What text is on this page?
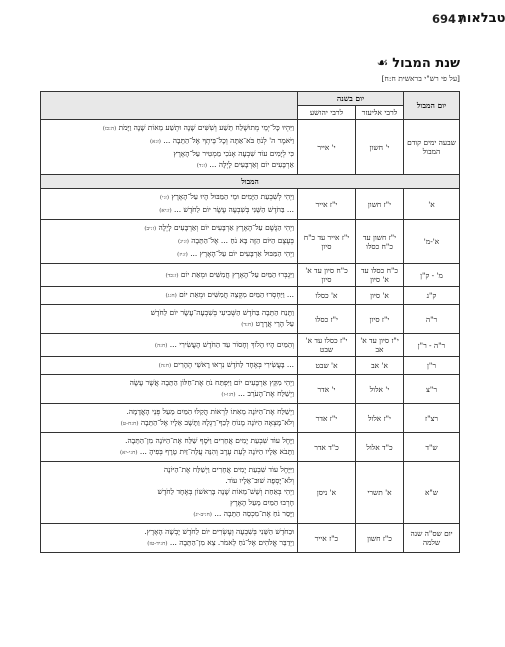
694 /
טבלאות
שנת המבול
☙
[על פי רש"י בראשית ח:ח]
יום המבול	יום בשנה		
	לרבי אליעזר	לרבי יהושע	
שבעה ימים קודם המבול	י' חשון	י' אייר	וַיִּהְיוּ כָּל־יְמֵי מְתוּשֶׁלַח תֵּשַׁע וְשִׁשִּׁים שָׁנָה וּתְשַׁע מֵאוֹת שָׁנָה וַיָּמֹת (ה:כז)
וַיֹּאמֶר ה' לְנֹחַ בֹּא־אַתָּה וְכָל־בֵּיתְךָ אֶל־הַתֵּבָה ... (ז:א)
כִּי לְיָמִים עוֹד שִׁבְעָה אָנֹכִי מַמְטִיר עַל־הָאָרֶץ
אַרְבָּעִים יוֹם וְאַרְבָּעִים לָיְלָה ... (ז:ד)

המבול			
א'	י"ז חשון	י"ז אייר	וַיְהִי לְשִׁבְעַת הַיָּמִים וּמֵי הַמַּבּוּל הָיוּ עַל־הָאָרֶץ (ז:י)
... בַּחֹדֶשׁ הַשֵּׁנִי בְּשִׁבְעָה עָשָׂר יוֹם לַחֹדֶשׁ ... (ז:יא)

א'-מ'	י"ז חשון עד כ"ח כסלו	י"ז אייר עד כ"ח סיון	וַיְהִי הַגֶּשֶׁם עַל־הָאָרֶץ אַרְבָּעִים יוֹם וְאַרְבָּעִים לָיְלָה (ז:יב)
בְּעֶצֶם הַיּוֹם הַזֶּה בָּא נֹחַ ... אֶל־הַתֵּבָה (ז:יג)
וַיְהִי הַמַּבּוּל אַרְבָּעִים יוֹם עַל־הָאָרֶץ ... (ז:יז)

מ' - ק"ן	כ"ח כסלו עד א' סיון	כ"ח סיון עד א' סיון	וַיִּגְבְּרוּ הַמַּיִם עַל־הָאָרֶץ חֲמִשִּׁים וּמְאַת יוֹם (ז:כד)

ק"נ	א' סיון	א' כסלו	... וַיַּחְסְרוּ הַמַּיִם מִקְצֵה חֲמִשִּׁים וּמְאַת יוֹם (ח:ג)

ר"ה	י"ז סיון	י"ז כסלו	וַתָּנַח הַתֵּבָה בַּחֹדֶשׁ הַשְּׁבִיעִי בְּשִׁבְעָה־עָשָׂר יוֹם לַחֹדֶשׁ
עַל הָרֵי אֲרָרָט (ח:ד)

ר"ה - ר"ן	י"ז סיון עד א' אב	י"ז כסלו עד א' שבט	וְהַמַּיִם הָיוּ הָלוֹךְ וְחָסוֹר עַד הַחֹדֶשׁ הָעֲשִׂירִי ... (ח:ה)

ר"ן	א' אב	א' שבט	... בָּעֲשִׂירִי בְּאֶחָד לַחֹדֶשׁ נִרְאוּ רָאשֵׁי הֶהָרִים (ח:ה)

ר"צ	י' אלול	י' אדר	וַיְהִי מִקֵּץ אַרְבָּעִים יוֹם וַיִּפְתַּח נֹחַ אֶת־חַלּוֹן הַתֵּבָה אֲשֶׁר עָשָׂה
וַיְשַׁלַּח אֶת־הָעֹרֵב ... (ח:ו-ז)

רצ"ז	י"ז אלול	י"ז אדר	וַיְשַׁלַּח אֶת־הַיּוֹנָה מֵאִתּוֹ לִרְאוֹת הֲקַלּוּ הַמַּיִם מֵעַל פְּנֵי הָאֲדָמָה.
וְלֹא־מָצְאָה הַיּוֹנָה מָנוֹחַ לְכַף־רַגְלָהּ וַתָּשָׁב אֵלָיו אֶל־הַתֵּבָה (ח:ח-ט)

ש"ד	כ"ד אלול	כ"ד אדר	וַיָּחֶל עוֹד שִׁבְעַת יָמִים אֲחֵרִים וַיֹּסֶף שַׁלַּח אֶת־הַיּוֹנָה מִן־הַתֵּבָה.
וַתָּבֹא אֵלָיו הַיּוֹנָה לְעֵת עֶרֶב וְהִנֵּה עֲלֵה־זַיִת טָרָף בְּפִיהָ ... (ח:י-יא)

ש"א	א' תשרי	א' ניסן	וַיִּיָּחֶל עוֹד שִׁבְעַת יָמִים אֲחֵרִים וַיְשַׁלַּח אֶת־הַיּוֹנָה
וְלֹא־יָסְפָה שׁוּב־אֵלָיו עוֹד.
וַיְהִי בְּאַחַת וְשֵׁשׁ־מֵאוֹת שָׁנָה בָּרִאשׁוֹן בְּאֶחָד לַחֹדֶשׁ
חָרְבוּ הַמַּיִם מֵעַל הָאָרֶץ
וַיָּסַר נֹחַ אֶת־מִכְסֵה הַתֵּבָה ... (ח:יב-יג)

יום שס"ה שנה שלמה	כ"ז חשון	כ"ז אייר	וּבַחֹדֶשׁ הַשֵּׁנִי בְּשִׁבְעָה וְעֶשְׂרִים יוֹם לַחֹדֶשׁ יָבְשָׁה הָאָרֶץ.
וַיְדַבֵּר אֱלֹהִים אֶל־נֹחַ לֵאמֹר. צֵא מִן־הַתֵּבָה ... (ח:יד-טז)
